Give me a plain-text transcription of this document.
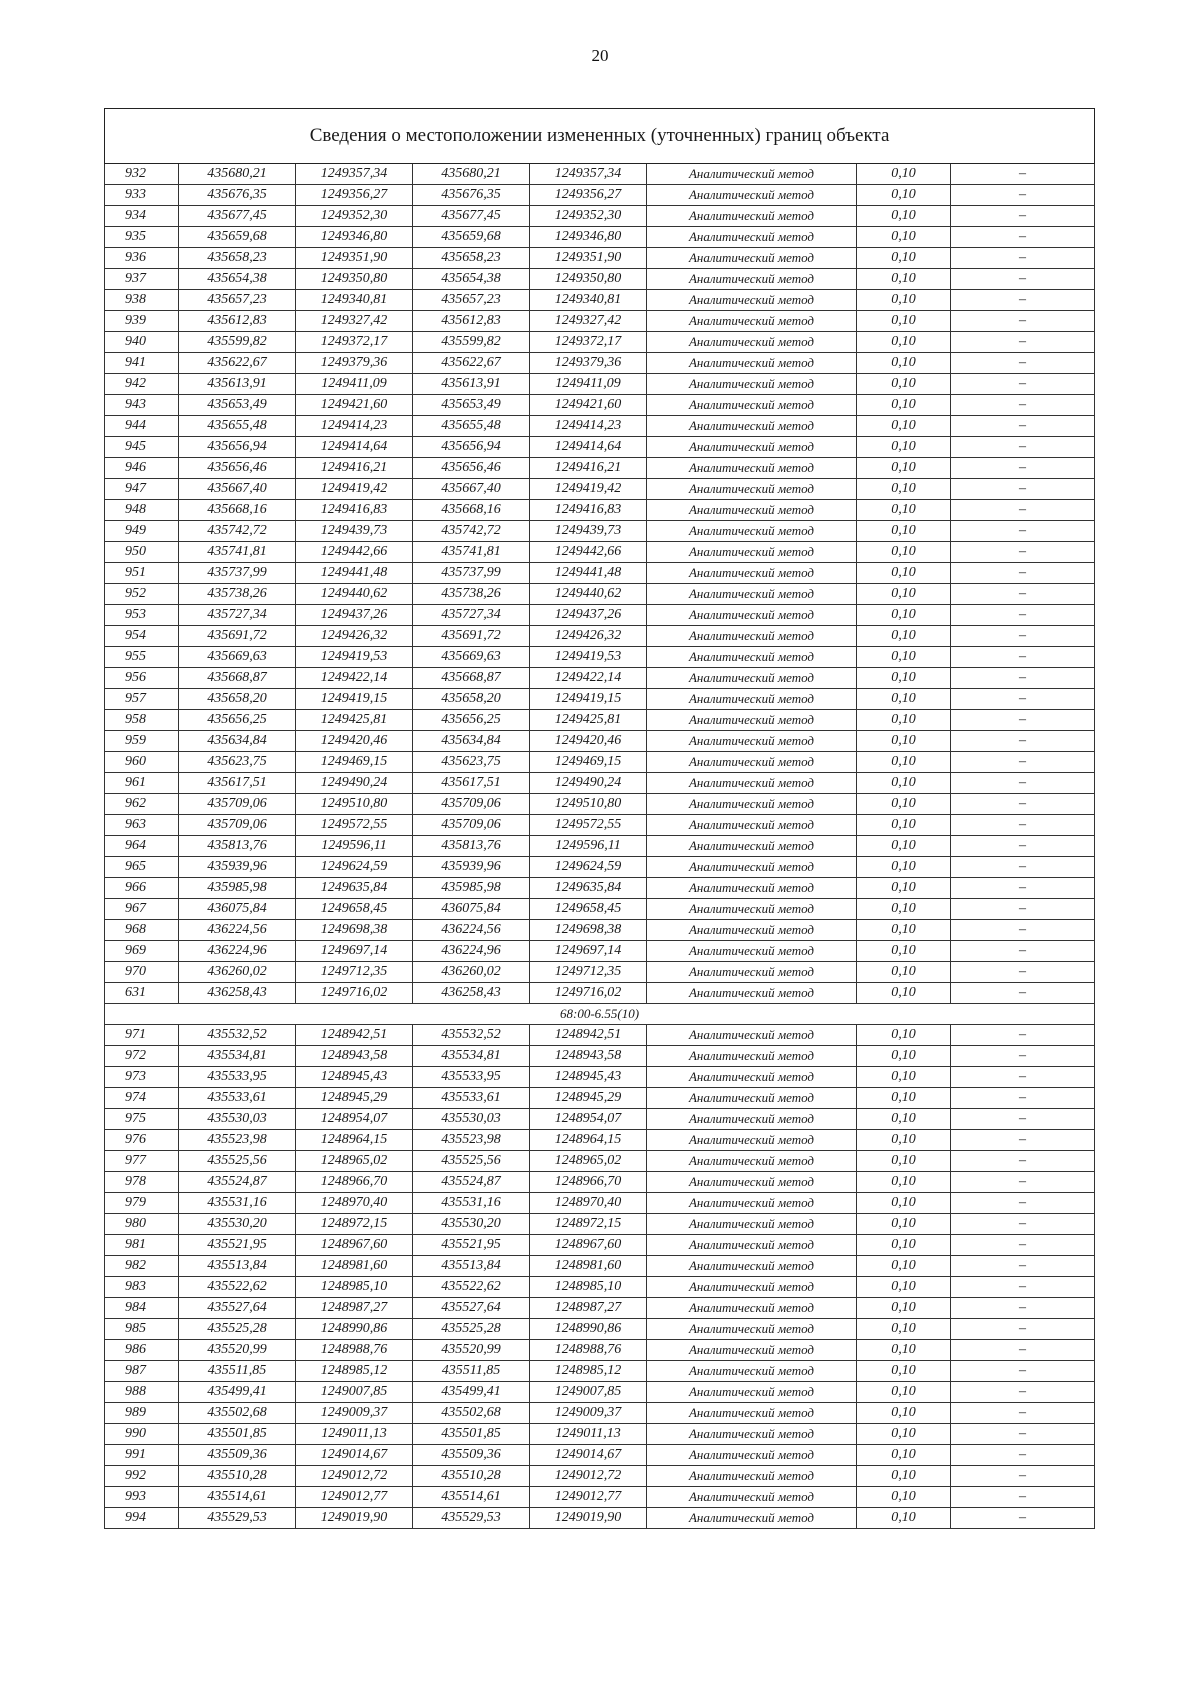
20
Сведения о местоположении измененных (уточненных) границ объекта							
932	435680,21	1249357,34	435680,21	1249357,34	Аналитический метод	0,10	–
933	435676,35	1249356,27	435676,35	1249356,27	Аналитический метод	0,10	–
934	435677,45	1249352,30	435677,45	1249352,30	Аналитический метод	0,10	–
935	435659,68	1249346,80	435659,68	1249346,80	Аналитический метод	0,10	–
936	435658,23	1249351,90	435658,23	1249351,90	Аналитический метод	0,10	–
937	435654,38	1249350,80	435654,38	1249350,80	Аналитический метод	0,10	–
938	435657,23	1249340,81	435657,23	1249340,81	Аналитический метод	0,10	–
939	435612,83	1249327,42	435612,83	1249327,42	Аналитический метод	0,10	–
940	435599,82	1249372,17	435599,82	1249372,17	Аналитический метод	0,10	–
941	435622,67	1249379,36	435622,67	1249379,36	Аналитический метод	0,10	–
942	435613,91	1249411,09	435613,91	1249411,09	Аналитический метод	0,10	–
943	435653,49	1249421,60	435653,49	1249421,60	Аналитический метод	0,10	–
944	435655,48	1249414,23	435655,48	1249414,23	Аналитический метод	0,10	–
945	435656,94	1249414,64	435656,94	1249414,64	Аналитический метод	0,10	–
946	435656,46	1249416,21	435656,46	1249416,21	Аналитический метод	0,10	–
947	435667,40	1249419,42	435667,40	1249419,42	Аналитический метод	0,10	–
948	435668,16	1249416,83	435668,16	1249416,83	Аналитический метод	0,10	–
949	435742,72	1249439,73	435742,72	1249439,73	Аналитический метод	0,10	–
950	435741,81	1249442,66	435741,81	1249442,66	Аналитический метод	0,10	–
951	435737,99	1249441,48	435737,99	1249441,48	Аналитический метод	0,10	–
952	435738,26	1249440,62	435738,26	1249440,62	Аналитический метод	0,10	–
953	435727,34	1249437,26	435727,34	1249437,26	Аналитический метод	0,10	–
954	435691,72	1249426,32	435691,72	1249426,32	Аналитический метод	0,10	–
955	435669,63	1249419,53	435669,63	1249419,53	Аналитический метод	0,10	–
956	435668,87	1249422,14	435668,87	1249422,14	Аналитический метод	0,10	–
957	435658,20	1249419,15	435658,20	1249419,15	Аналитический метод	0,10	–
958	435656,25	1249425,81	435656,25	1249425,81	Аналитический метод	0,10	–
959	435634,84	1249420,46	435634,84	1249420,46	Аналитический метод	0,10	–
960	435623,75	1249469,15	435623,75	1249469,15	Аналитический метод	0,10	–
961	435617,51	1249490,24	435617,51	1249490,24	Аналитический метод	0,10	–
962	435709,06	1249510,80	435709,06	1249510,80	Аналитический метод	0,10	–
963	435709,06	1249572,55	435709,06	1249572,55	Аналитический метод	0,10	–
964	435813,76	1249596,11	435813,76	1249596,11	Аналитический метод	0,10	–
965	435939,96	1249624,59	435939,96	1249624,59	Аналитический метод	0,10	–
966	435985,98	1249635,84	435985,98	1249635,84	Аналитический метод	0,10	–
967	436075,84	1249658,45	436075,84	1249658,45	Аналитический метод	0,10	–
968	436224,56	1249698,38	436224,56	1249698,38	Аналитический метод	0,10	–
969	436224,96	1249697,14	436224,96	1249697,14	Аналитический метод	0,10	–
970	436260,02	1249712,35	436260,02	1249712,35	Аналитический метод	0,10	–
631	436258,43	1249716,02	436258,43	1249716,02	Аналитический метод	0,10	–
68:00-6.55(10)							
971	435532,52	1248942,51	435532,52	1248942,51	Аналитический метод	0,10	–
972	435534,81	1248943,58	435534,81	1248943,58	Аналитический метод	0,10	–
973	435533,95	1248945,43	435533,95	1248945,43	Аналитический метод	0,10	–
974	435533,61	1248945,29	435533,61	1248945,29	Аналитический метод	0,10	–
975	435530,03	1248954,07	435530,03	1248954,07	Аналитический метод	0,10	–
976	435523,98	1248964,15	435523,98	1248964,15	Аналитический метод	0,10	–
977	435525,56	1248965,02	435525,56	1248965,02	Аналитический метод	0,10	–
978	435524,87	1248966,70	435524,87	1248966,70	Аналитический метод	0,10	–
979	435531,16	1248970,40	435531,16	1248970,40	Аналитический метод	0,10	–
980	435530,20	1248972,15	435530,20	1248972,15	Аналитический метод	0,10	–
981	435521,95	1248967,60	435521,95	1248967,60	Аналитический метод	0,10	–
982	435513,84	1248981,60	435513,84	1248981,60	Аналитический метод	0,10	–
983	435522,62	1248985,10	435522,62	1248985,10	Аналитический метод	0,10	–
984	435527,64	1248987,27	435527,64	1248987,27	Аналитический метод	0,10	–
985	435525,28	1248990,86	435525,28	1248990,86	Аналитический метод	0,10	–
986	435520,99	1248988,76	435520,99	1248988,76	Аналитический метод	0,10	–
987	435511,85	1248985,12	435511,85	1248985,12	Аналитический метод	0,10	–
988	435499,41	1249007,85	435499,41	1249007,85	Аналитический метод	0,10	–
989	435502,68	1249009,37	435502,68	1249009,37	Аналитический метод	0,10	–
990	435501,85	1249011,13	435501,85	1249011,13	Аналитический метод	0,10	–
991	435509,36	1249014,67	435509,36	1249014,67	Аналитический метод	0,10	–
992	435510,28	1249012,72	435510,28	1249012,72	Аналитический метод	0,10	–
993	435514,61	1249012,77	435514,61	1249012,77	Аналитический метод	0,10	–
994	435529,53	1249019,90	435529,53	1249019,90	Аналитический метод	0,10	–
